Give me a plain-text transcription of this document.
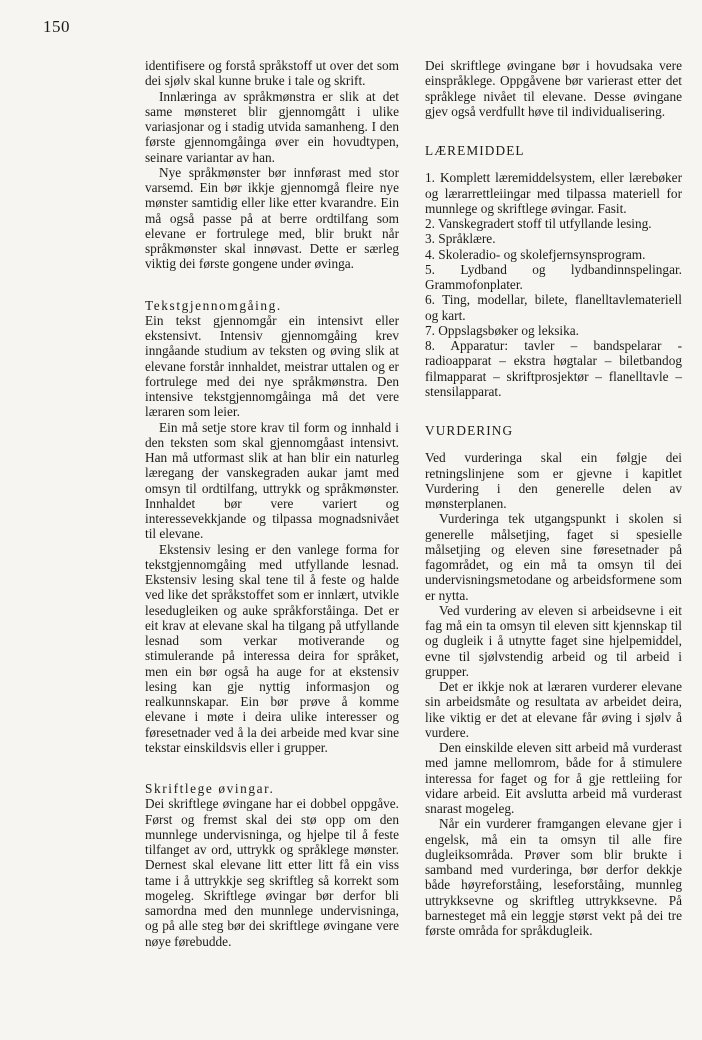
150

identifisere og forstå språkstoff ut over det som dei sjølv skal kunne bruke i tale og skrift.

Innlæringa av språkmønstra er slik at det same mønsteret blir gjennomgått i ulike variasjonar og i stadig utvida samanheng. I den første gjennomgåinga øver ein hovudtypen, seinare variantar av han.

Nye språkmønster bør innførast med stor varsemd. Ein bør ikkje gjennomgå fleire nye mønster samtidig eller like etter kvarandre. Ein må også passe på at berre ordtilfang som elevane er fortrulege med, blir brukt når språkmønster skal innøvast. Dette er særleg viktig dei første gongene under øvinga.

Tekstgjennomgåing.

Ein tekst gjennomgår ein intensivt eller ekstensivt. Intensiv gjennomgåing krev inngåande studium av teksten og øving slik at elevane forstår innhaldet, meistrar uttalen og er fortrulege med dei nye språkmønstra. Den intensive tekstgjennomgåinga må det vere læraren som leier.

Ein må setje store krav til form og innhald i den teksten som skal gjennomgåast intensivt. Han må utformast slik at han blir ein naturleg læregang der vanskegraden aukar jamt med omsyn til ordtilfang, uttrykk og språkmønster. Innhaldet bør vere variert og interessevekkjande og tilpassa mognadsnivået til elevane.

Ekstensiv lesing er den vanlege forma for tekstgjennomgåing med utfyllande lesnad. Ekstensiv lesing skal tene til å feste og halde ved like det språkstoffet som er innlært, utvikle lesedugleiken og auke språkforståinga. Det er eit krav at elevane skal ha tilgang på utfyllande lesnad som verkar motiverande og stimulerande på interessa deira for språket, men ein bør også ha auge for at ekstensiv lesing kan gje nyttig informasjon og realkunnskapar. Ein bør prøve å komme elevane i møte i deira ulike interesser og føresetnader ved å la dei arbeide med kvar sine tekstar einskildsvis eller i grupper.

Skriftlege øvingar.

Dei skriftlege øvingane har ei dobbel oppgåve. Først og fremst skal dei stø opp om den munnlege undervisninga, og hjelpe til å feste tilfanget av ord, uttrykk og språklege mønster. Dernest skal elevane litt etter litt få ein viss tame i å uttrykkje seg skriftleg så korrekt som mogeleg. Skriftlege øvingar bør derfor bli samordna med den munnlege undervisninga, og på alle steg bør dei skriftlege øvingane vere nøye førebudde.

Dei skriftlege øvingane bør i hovudsaka vere einspråklege. Oppgåvene bør varierast etter det språklege nivået til elevane. Desse øvingane gjev også verdfullt høve til individualisering.

LÆREMIDDEL
1. Komplett læremiddelsystem, eller lærebøker og lærarrettleiingar med tilpassa materiell for munnlege og skriftlege øvingar. Fasit.
2. Vanskegradert stoff til utfyllande lesing.
3. Språklære.
4. Skoleradio- og skolefjernsynsprogram.
5. Lydband og lydbandinnspelingar. Grammofonplater.
6. Ting, modellar, bilete, flanelltavlemateriell og kart.
7. Oppslagsbøker og leksika.
8. Apparatur: tavler – bandspelarar - radioapparat – ekstra høgtalar – biletbandog filmapparat – skriftprosjektør – flanelltavle – stensilapparat.
VURDERING

Ved vurderinga skal ein følgje dei retningslinjene som er gjevne i kapitlet Vurdering i den generelle delen av mønsterplanen.

Vurderinga tek utgangspunkt i skolen si generelle målsetjing, faget si spesielle målsetjing og eleven sine føresetnader på fagområdet, og ein må ta omsyn til dei undervisningsmetodane og arbeidsformene som er nytta.

Ved vurdering av eleven si arbeidsevne i eit fag må ein ta omsyn til eleven sitt kjennskap til og dugleik i å utnytte faget sine hjelpemiddel, evne til sjølvstendig arbeid og til arbeid i grupper.

Det er ikkje nok at læraren vurderer elevane sin arbeidsmåte og resultata av arbeidet deira, like viktig er det at elevane får øving i sjølv å vurdere.

Den einskilde eleven sitt arbeid må vurderast med jamne mellomrom, både for å stimulere interessa for faget og for å gje rettleiing for vidare arbeid. Eit avslutta arbeid må vurderast snarast mogeleg.

Når ein vurderer framgangen elevane gjer i engelsk, må ein ta omsyn til alle fire dugleiksområda. Prøver som blir brukte i samband med vurderinga, bør derfor dekkje både høyreforståing, leseforståing, munnleg uttrykksevne og skriftleg uttrykksevne. På barnesteget må ein leggje størst vekt på dei tre første områda for språkdugleik.
